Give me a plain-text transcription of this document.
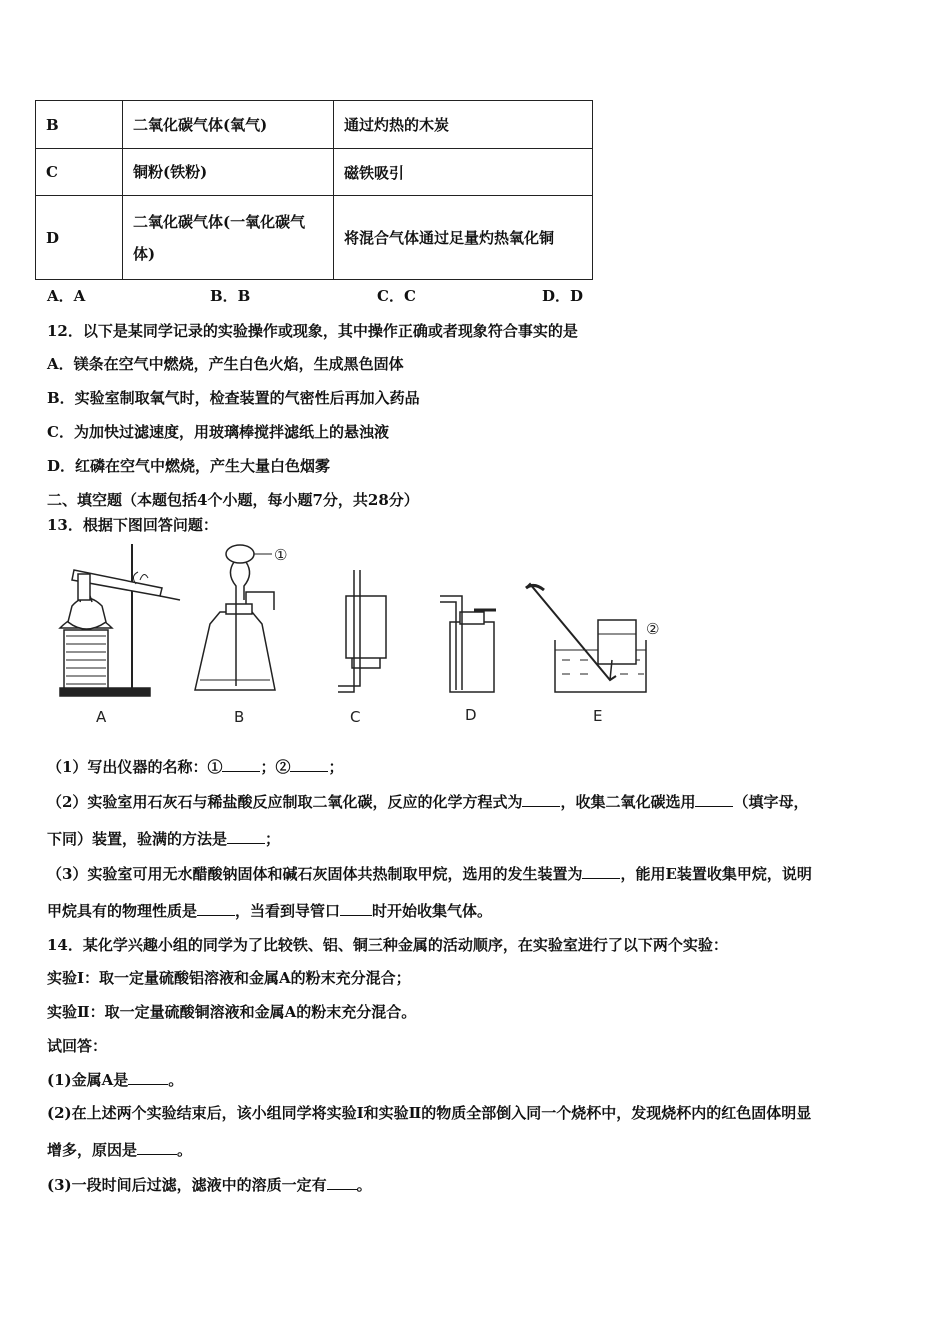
B	二氧化碳气体(氧气)	通过灼热的木炭
C	铜粉(铁粉)	磁铁吸引
D	二氧化碳气体(一氧化碳气体)	将混合气体通过足量灼热氧化铜
A．A	B．B	C．C	D．D
12．以下是某同学记录的实验操作或现象，其中操作正确或者现象符合事实的是
A．镁条在空气中燃烧，产生白色火焰，生成黑色固体
B．实验室制取氧气时，检查装置的气密性后再加入药品
C．为加快过滤速度，用玻璃棒搅拌滤纸上的悬浊液
D．红磷在空气中燃烧，产生大量白色烟雾
二、填空题（本题包括4个小题，每小题7分，共28分）
13．根据下图回答问题：
①
②
A	B	C	D	E
（1）写出仪器的名称：①	；②	；
（2）实验室用石灰石与稀盐酸反应制取二氧化碳，反应的化学方程式为	，收集二氧化碳选用	（填字母，
下同）装置，验满的方法是	；
（3）实验室可用无水醋酸钠固体和碱石灰固体共热制取甲烷，选用的发生装置为	，能用E装置收集甲烷，说明
甲烷具有的物理性质是	，当看到导管口 时开始收集气体。
14．某化学兴趣小组的同学为了比较铁、铝、铜三种金属的活动顺序，在实验室进行了以下两个实验：
实验Ⅰ：取一定量硫酸铝溶液和金属A的粉末充分混合；
实验Ⅱ：取一定量硫酸铜溶液和金属A的粉末充分混合。
试回答：
(1)金属A是	。
(2)在上述两个实验结束后，该小组同学将实验Ⅰ和实验Ⅱ的物质全部倒入同一个烧杯中，发现烧杯内的红色固体明显
增多，原因是	。
(3)一段时间后过滤，滤液中的溶质一定有 。
